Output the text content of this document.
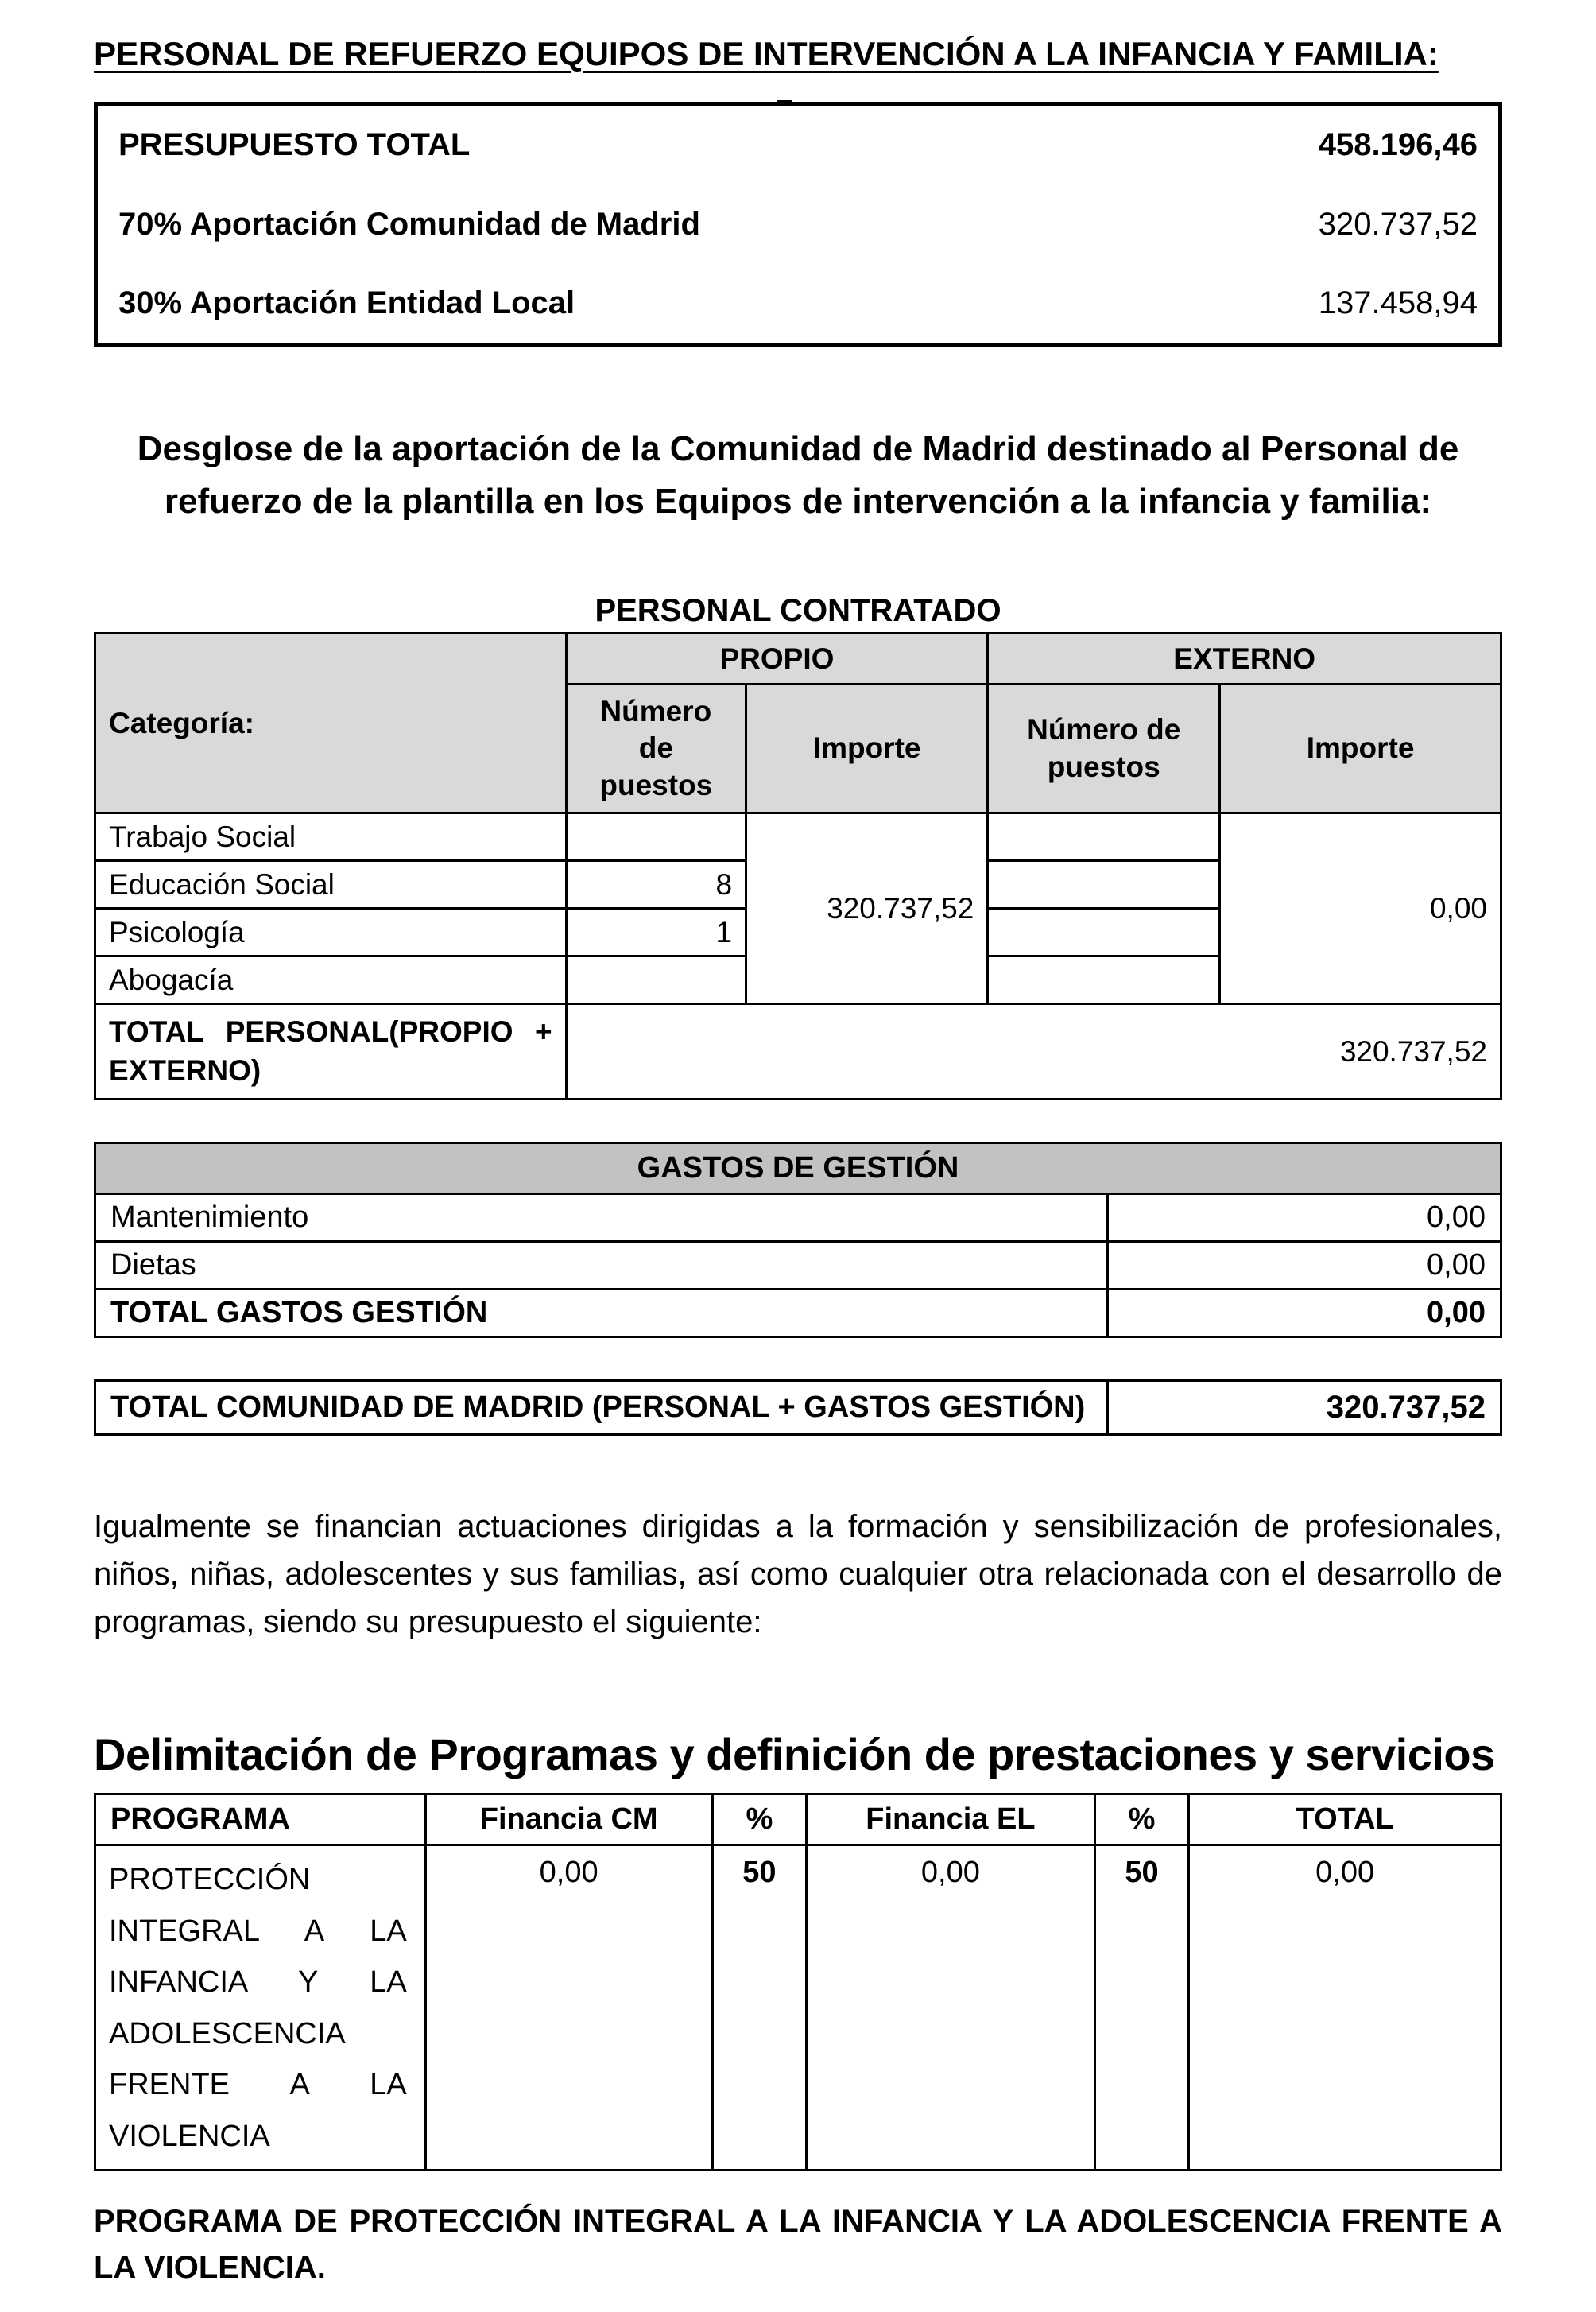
PERSONAL DE REFUERZO EQUIPOS DE INTERVENCIÓN A LA INFANCIA Y FAMILIA:
PRESUPUESTO TOTAL	458.196,46
70% Aportación Comunidad de Madrid	320.737,52
30% Aportación Entidad Local	137.458,94
Desglose de la aportación de la Comunidad de Madrid destinado al Personal de refuerzo de la plantilla en los Equipos de intervención a la infancia y familia:
PERSONAL CONTRATADO
Categoría:	PROPIO		EXTERNO	
	Número de puestos	Importe	Número de puestos	Importe
Trabajo Social		320.737,52		0,00
Educación Social	8			
Psicología	1			
Abogacía				
TOTAL PERSONAL(PROPIO + EXTERNO)	320.737,52			
GASTOS DE GESTIÓN	
Mantenimiento	0,00
Dietas	0,00
TOTAL GASTOS GESTIÓN	0,00
TOTAL COMUNIDAD DE MADRID (PERSONAL + GASTOS GESTIÓN)	320.737,52
Igualmente se financian actuaciones dirigidas a la formación y sensibilización de profesionales, niños, niñas, adolescentes y sus familias, así como cualquier otra relacionada con el desarrollo de programas, siendo su presupuesto el siguiente:
Delimitación de Programas y definición de prestaciones y servicios
PROGRAMA	Financia CM	%	Financia EL	%	TOTAL
PROTECCIÓN INTEGRAL A LA INFANCIA Y LA ADOLESCENCIA FRENTE A LA VIOLENCIA	0,00	50	0,00	50	0,00
PROGRAMA DE PROTECCIÓN INTEGRAL A LA INFANCIA Y LA ADOLESCENCIA FRENTE A LA VIOLENCIA.
